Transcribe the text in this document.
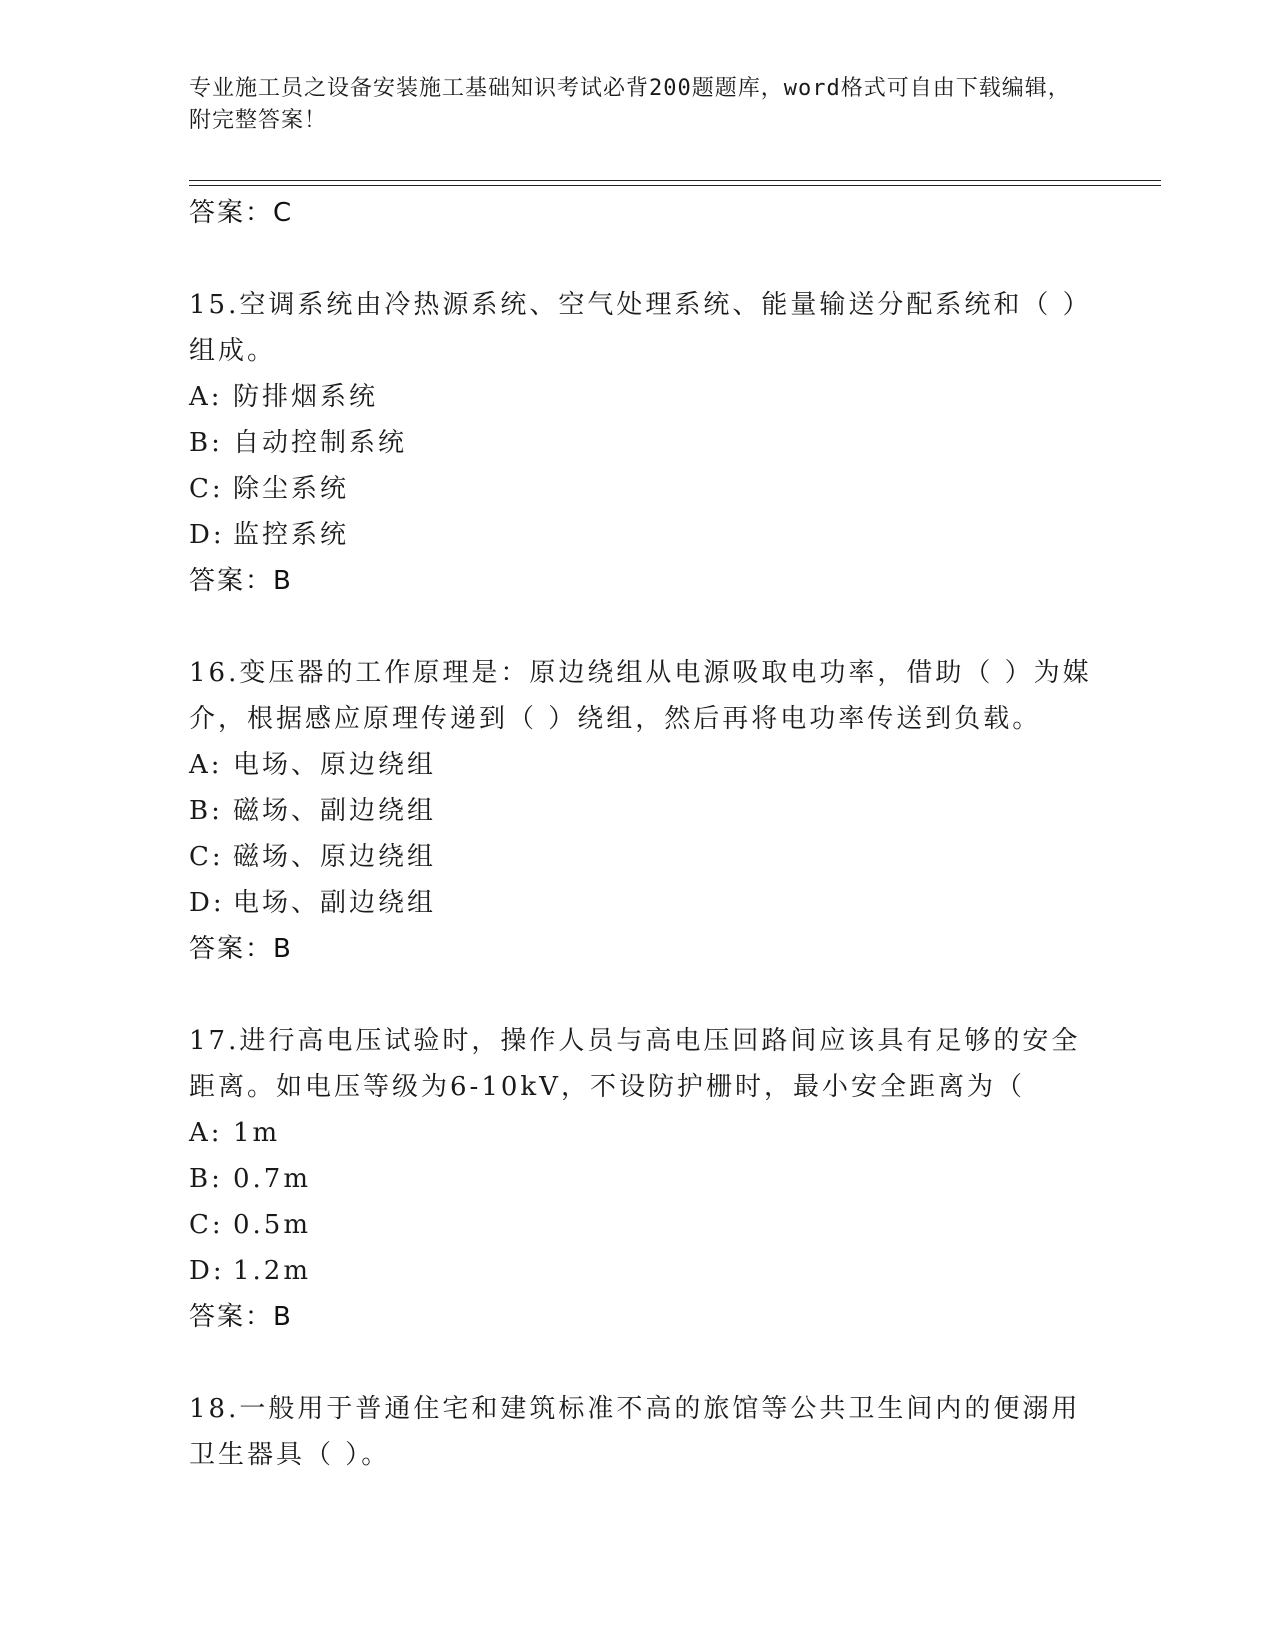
专业施工员之设备安装施工基础知识考试必背200题题库，word格式可自由下载编辑，附完整答案！
答案：C
15.空调系统由冷热源系统、空气处理系统、能量输送分配系统和（ ）组成。
A: 防排烟系统
B: 自动控制系统
C: 除尘系统
D: 监控系统
答案：B
16.变压器的工作原理是：原边绕组从电源吸取电功率，借助（ ）为媒介，根据感应原理传递到（ ）绕组，然后再将电功率传送到负载。
A: 电场、原边绕组
B: 磁场、副边绕组
C: 磁场、原边绕组
D: 电场、副边绕组
答案：B
17.进行高电压试验时，操作人员与高电压回路间应该具有足够的安全距离。如电压等级为6-10kV，不设防护栅时，最小安全距离为（
A: 1m
B: 0.7m
C: 0.5m
D: 1.2m
答案：B
18.一般用于普通住宅和建筑标准不高的旅馆等公共卫生间内的便溺用卫生器具（ ）。
